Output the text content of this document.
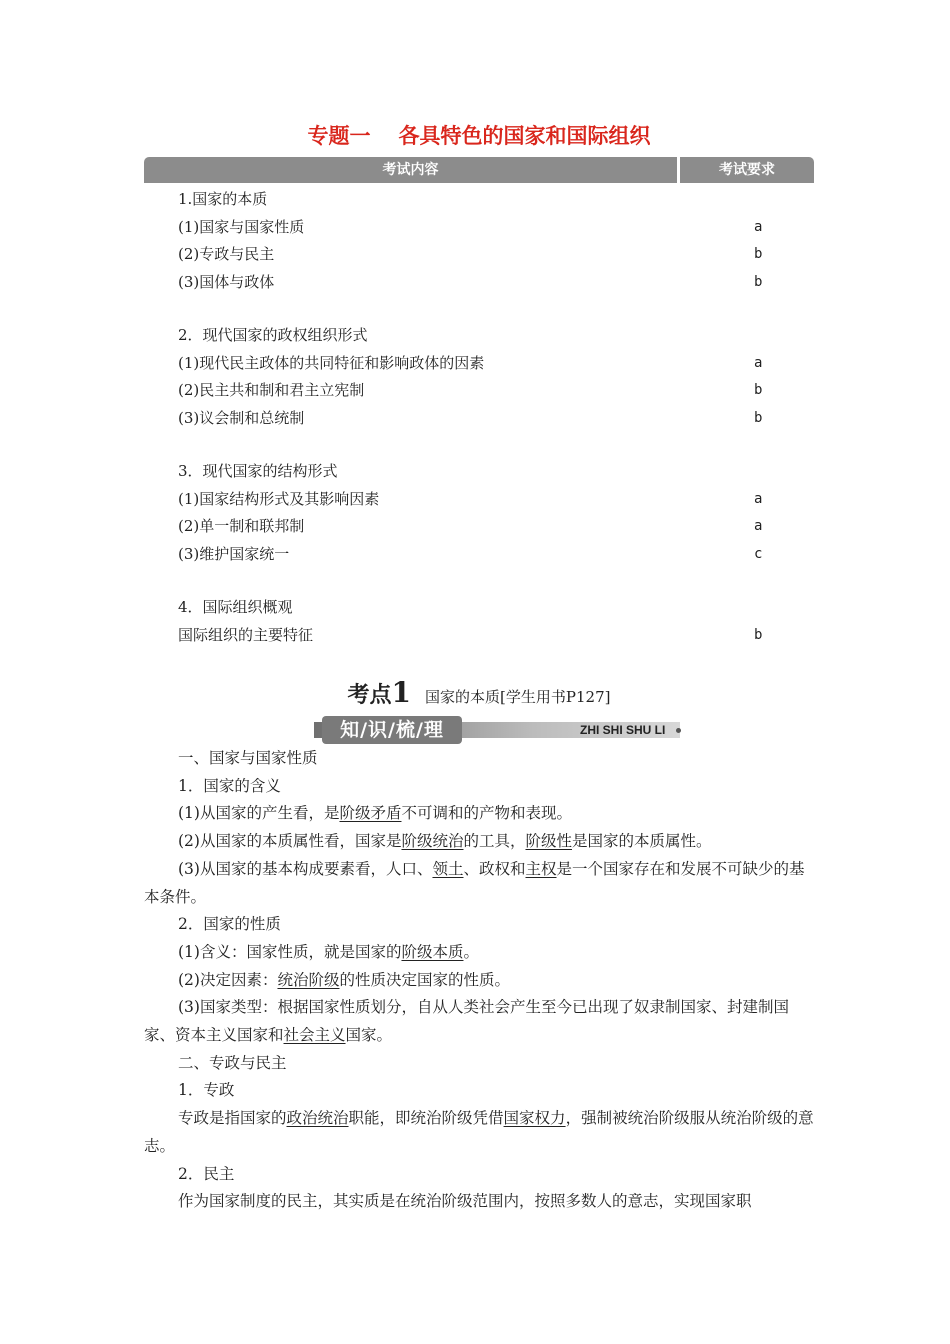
专题一 各具特色的国家和国际组织
考试内容	考试要求
1.国家的本质
(1)国家与国家性质	a
(2)专政与民主	b
(3)国体与政体	b
2．现代国家的政权组织形式
(1)现代民主政体的共同特征和影响政体的因素	a
(2)民主共和制和君主立宪制	b
(3)议会制和总统制	b
3．现代国家的结构形式
(1)国家结构形式及其影响因素	a
(2)单一制和联邦制	a
(3)维护国家统一	c
4．国际组织概观
国际组织的主要特征	b
考点1 国家的本质[学生用书P127]
知/识/梳/理	ZHI SHI SHU LI

一、国家与国家性质

1．国家的含义

(1)从国家的产生看，是阶级矛盾不可调和的产物和表现。

(2)从国家的本质属性看，国家是阶级统治的工具，阶级性是国家的本质属性。

(3)从国家的基本构成要素看，人口、领土、政权和主权是一个国家存在和发展不可缺少的基本条件。

2．国家的性质

(1)含义：国家性质，就是国家的阶级本质。

(2)决定因素：统治阶级的性质决定国家的性质。

(3)国家类型：根据国家性质划分，自从人类社会产生至今已出现了奴隶制国家、封建制国家、资本主义国家和社会主义国家。

二、专政与民主

1．专政

专政是指国家的政治统治职能，即统治阶级凭借国家权力，强制被统治阶级服从统治阶级的意志。

2．民主

作为国家制度的民主，其实质是在统治阶级范围内，按照多数人的意志，实现国家职
